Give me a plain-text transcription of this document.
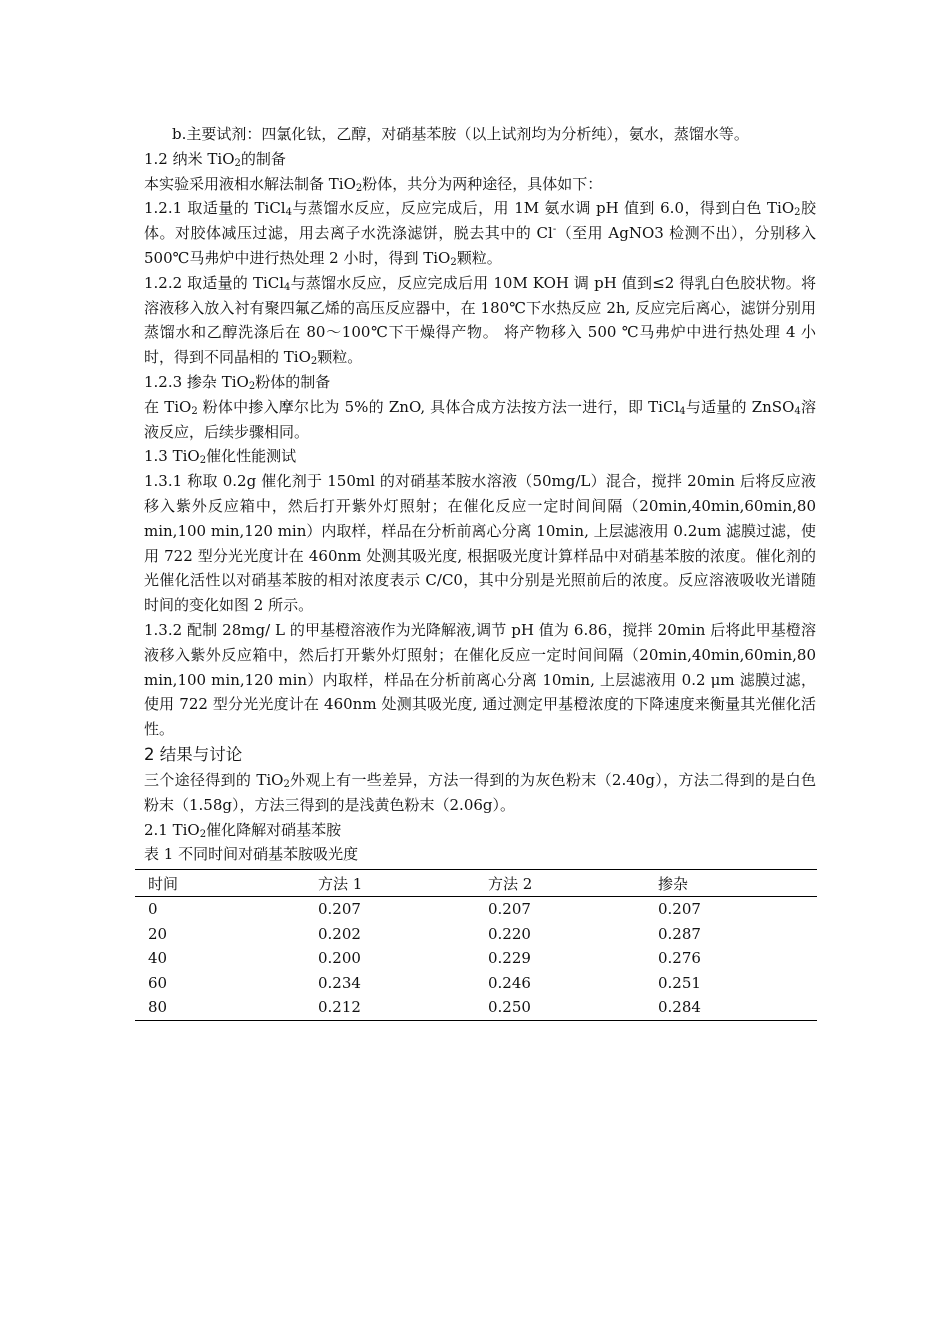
b.主要试剂：四氯化钛，乙醇，对硝基苯胺（以上试剂均为分析纯），氨水，蒸馏水等。

1.2 纳米 TiO$_2$的制备

本实验采用液相水解法制备 TiO$_2$粉体，共分为两种途径，具体如下：

1.2.1 取适量的 TiCl$_4$与蒸馏水反应，反应完成后，用 1M 氨水调 pH 值到 6.0，得到白色 TiO$_2$胶体。对胶体减压过滤，用去离子水洗涤滤饼，脱去其中的 Cl-（至用 AgNO3 检测不出），分别移入 500℃马弗炉中进行热处理 2 小时，得到 TiO$_2$颗粒。

1.2.2 取适量的 TiCl$_4$与蒸馏水反应，反应完成后用 10M KOH 调 pH 值到≤2 得乳白色胶状物。将溶液移入放入衬有聚四氟乙烯的高压反应器中，在 180℃下水热反应 2h, 反应完后离心，滤饼分别用蒸馏水和乙醇洗涤后在 80～100℃下干燥得产物。 将产物移入 500 ℃马弗炉中进行热处理 4 小时，得到不同晶相的 TiO$_2$颗粒。

1.2.3 掺杂 TiO$_2$粉体的制备

在 TiO$_2$ 粉体中掺入摩尔比为 5%的 ZnO, 具体合成方法按方法一进行，即 TiCl$_4$与适量的 ZnSO$_4$溶液反应，后续步骤相同。

1.3 TiO$_2$催化性能测试

1.3.1 称取 0.2g 催化剂于 150ml 的对硝基苯胺水溶液（50mg/L）混合，搅拌 20min 后将反应液移入紫外反应箱中，然后打开紫外灯照射；在催化反应一定时间间隔（20min,40min,60min,80 min,100 min,120 min）内取样，样品在分析前离心分离 10min, 上层滤液用 0.2um 滤膜过滤，使用 722 型分光光度计在 460nm 处测其吸光度, 根据吸光度计算样品中对硝基苯胺的浓度。催化剂的光催化活性以对硝基苯胺的相对浓度表示 C/C0，其中分别是光照前后的浓度。反应溶液吸收光谱随时间的变化如图 2 所示。

1.3.2 配制 28mg/ L 的甲基橙溶液作为光降解液,调节 pH 值为 6.86，搅拌 20min 后将此甲基橙溶液移入紫外反应箱中，然后打开紫外灯照射；在催化反应一定时间间隔（20min,40min,60min,80 min,100 min,120 min）内取样，样品在分析前离心分离 10min, 上层滤液用 0.2 μm 滤膜过滤，使用 722 型分光光度计在 460nm 处测其吸光度, 通过测定甲基橙浓度的下降速度来衡量其光催化活性。

2 结果与讨论

三个途径得到的 TiO$_2$外观上有一些差异，方法一得到的为灰色粉末（2.40g），方法二得到的是白色粉末（1.58g），方法三得到的是浅黄色粉末（2.06g）。

2.1 TiO$_2$催化降解对硝基苯胺

表 1 不同时间对硝基苯胺吸光度

时间	方法 1	方法 2	掺杂
0	0.207	0.207	0.207
20	0.202	0.220	0.287
40	0.200	0.229	0.276
60	0.234	0.246	0.251
80	0.212	0.250	0.284
